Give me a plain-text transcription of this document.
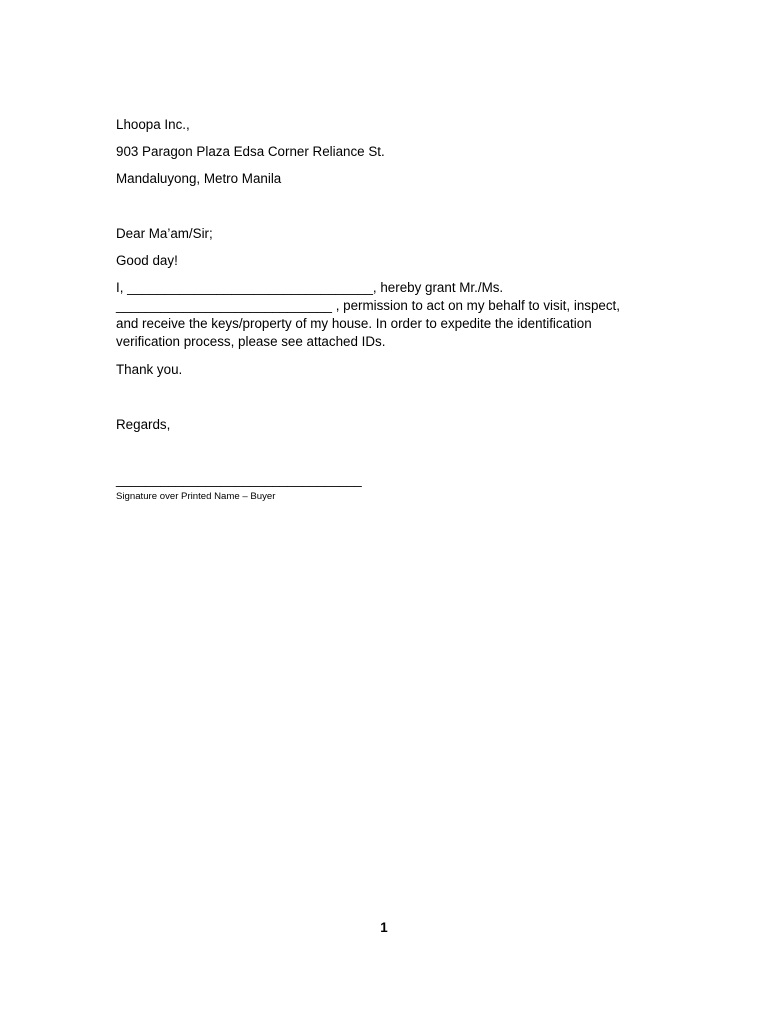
Lhoopa Inc.,

903 Paragon Plaza Edsa Corner Reliance St.

Mandaluyong, Metro Manila

Dear Ma’am/Sir;

Good day!

I, _________________________________, hereby grant Mr./Ms.

_____________________________ , permission to act on my behalf to visit, inspect,

and receive the keys/property of my house. In order to expedite the identification

verification process, please see attached IDs.

Thank you.

Regards,

_________________________________

Signature over Printed Name – Buyer

1
